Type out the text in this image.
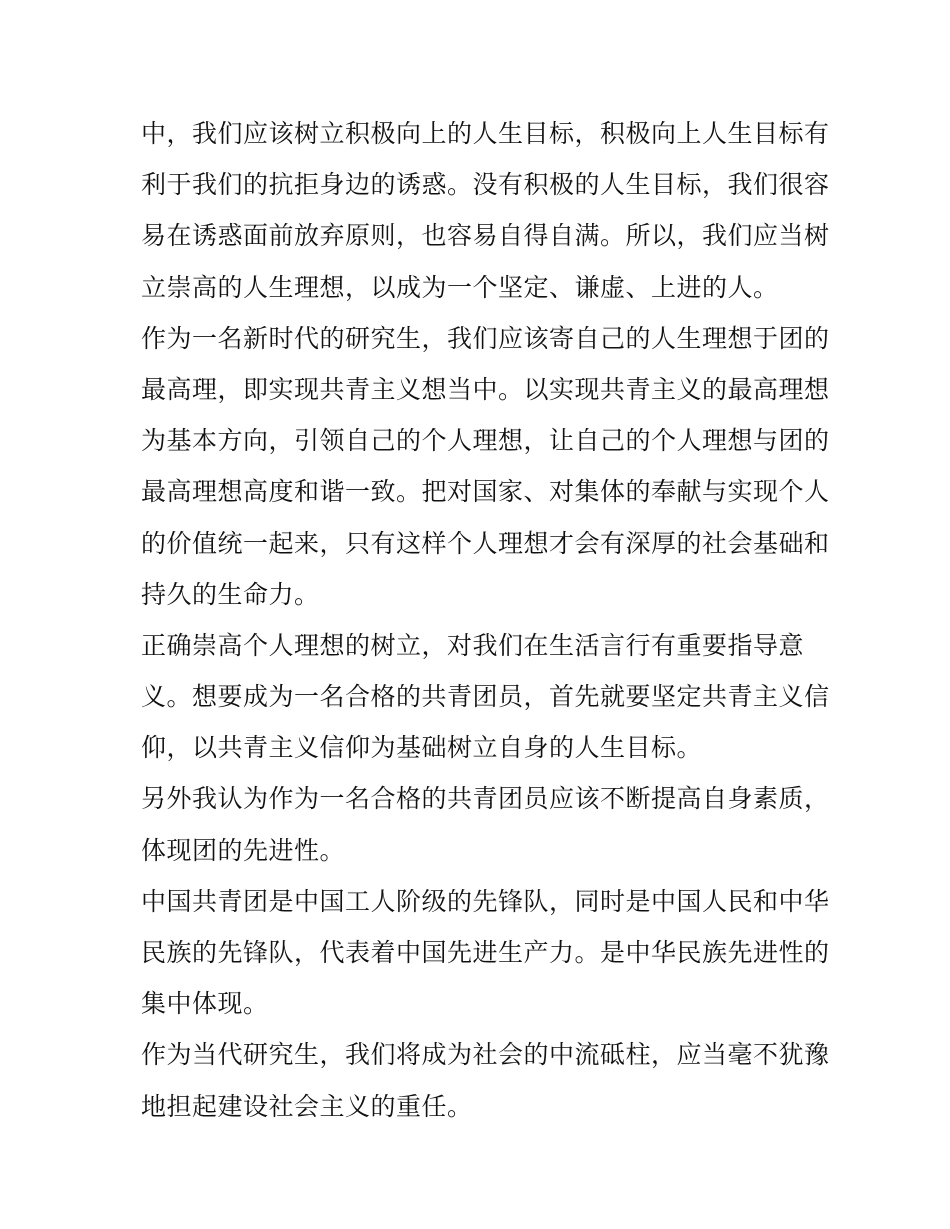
中，我们应该树立积极向上的人生目标，积极向上人生目标有
利于我们的抗拒身边的诱惑。没有积极的人生目标，我们很容
易在诱惑面前放弃原则，也容易自得自满。所以，我们应当树
立崇高的人生理想，以成为一个坚定、谦虚、上进的人。

作为一名新时代的研究生，我们应该寄自己的人生理想于团的
最高理，即实现共青主义想当中。以实现共青主义的最高理想
为基本方向，引领自己的个人理想，让自己的个人理想与团的
最高理想高度和谐一致。把对国家、对集体的奉献与实现个人
的价值统一起来，只有这样个人理想才会有深厚的社会基础和
持久的生命力。

正确崇高个人理想的树立，对我们在生活言行有重要指导意
义。想要成为一名合格的共青团员，首先就要坚定共青主义信
仰，以共青主义信仰为基础树立自身的人生目标。

另外我认为作为一名合格的共青团员应该不断提高自身素质，
体现团的先进性。

中国共青团是中国工人阶级的先锋队，同时是中国人民和中华
民族的先锋队，代表着中国先进生产力。是中华民族先进性的
集中体现。

作为当代研究生，我们将成为社会的中流砥柱，应当毫不犹豫
地担起建设社会主义的重任。
